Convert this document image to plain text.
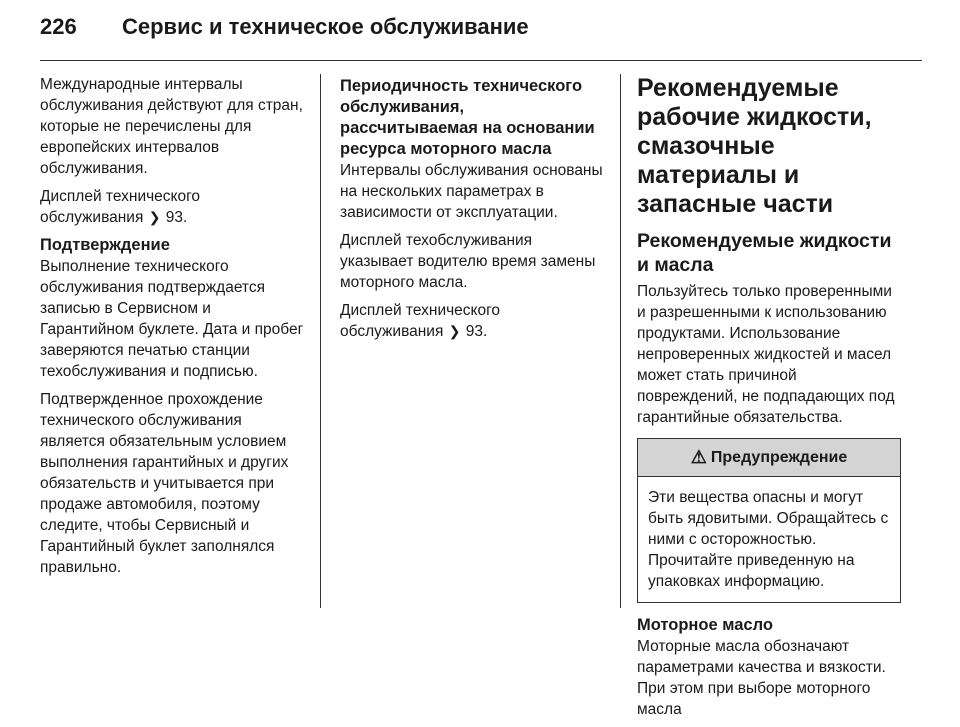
226	Сервис и техническое обслуживание

Международные интервалы обслуживания действуют для стран, которые не перечислены для европейских интервалов обслуживания.

Дисплей технического обслуживания ❯ 93.

Подтверждение

Выполнение технического обслуживания подтверждается записью в Сервисном и Гарантийном буклете. Дата и пробег заверяются печатью станции техобслуживания и подписью.

Подтвержденное прохождение технического обслуживания является обязательным условием выполнения гарантийных и других обязательств и учитывается при продаже автомобиля, поэтому следите, чтобы Сервисный и Гарантийный буклет заполнялся правильно.

Периодичность технического обслуживания, рассчитываемая на основании ресурса моторного масла

Интервалы обслуживания основаны на нескольких параметрах в зависимости от эксплуатации.

Дисплей техобслуживания указывает водителю время замены моторного масла.

Дисплей технического обслуживания ❯ 93.

Рекомендуемые рабочие жидкости, смазочные материалы и запасные части
Рекомендуемые жидкости и масла

Пользуйтесь только проверенными и разрешенными к использованию продуктами. Использование непроверенных жидкостей и масел может стать причиной повреждений, не подпадающих под гарантийные обязательства.

⚠ Предупреждение
Эти вещества опасны и могут быть ядовитыми. Обращайтесь с ними с осторожностью. Прочитайте приведенную на упаковках информацию.
Моторное масло

Моторные масла обозначают параметрами качества и вязкости. При этом при выборе моторного масла
